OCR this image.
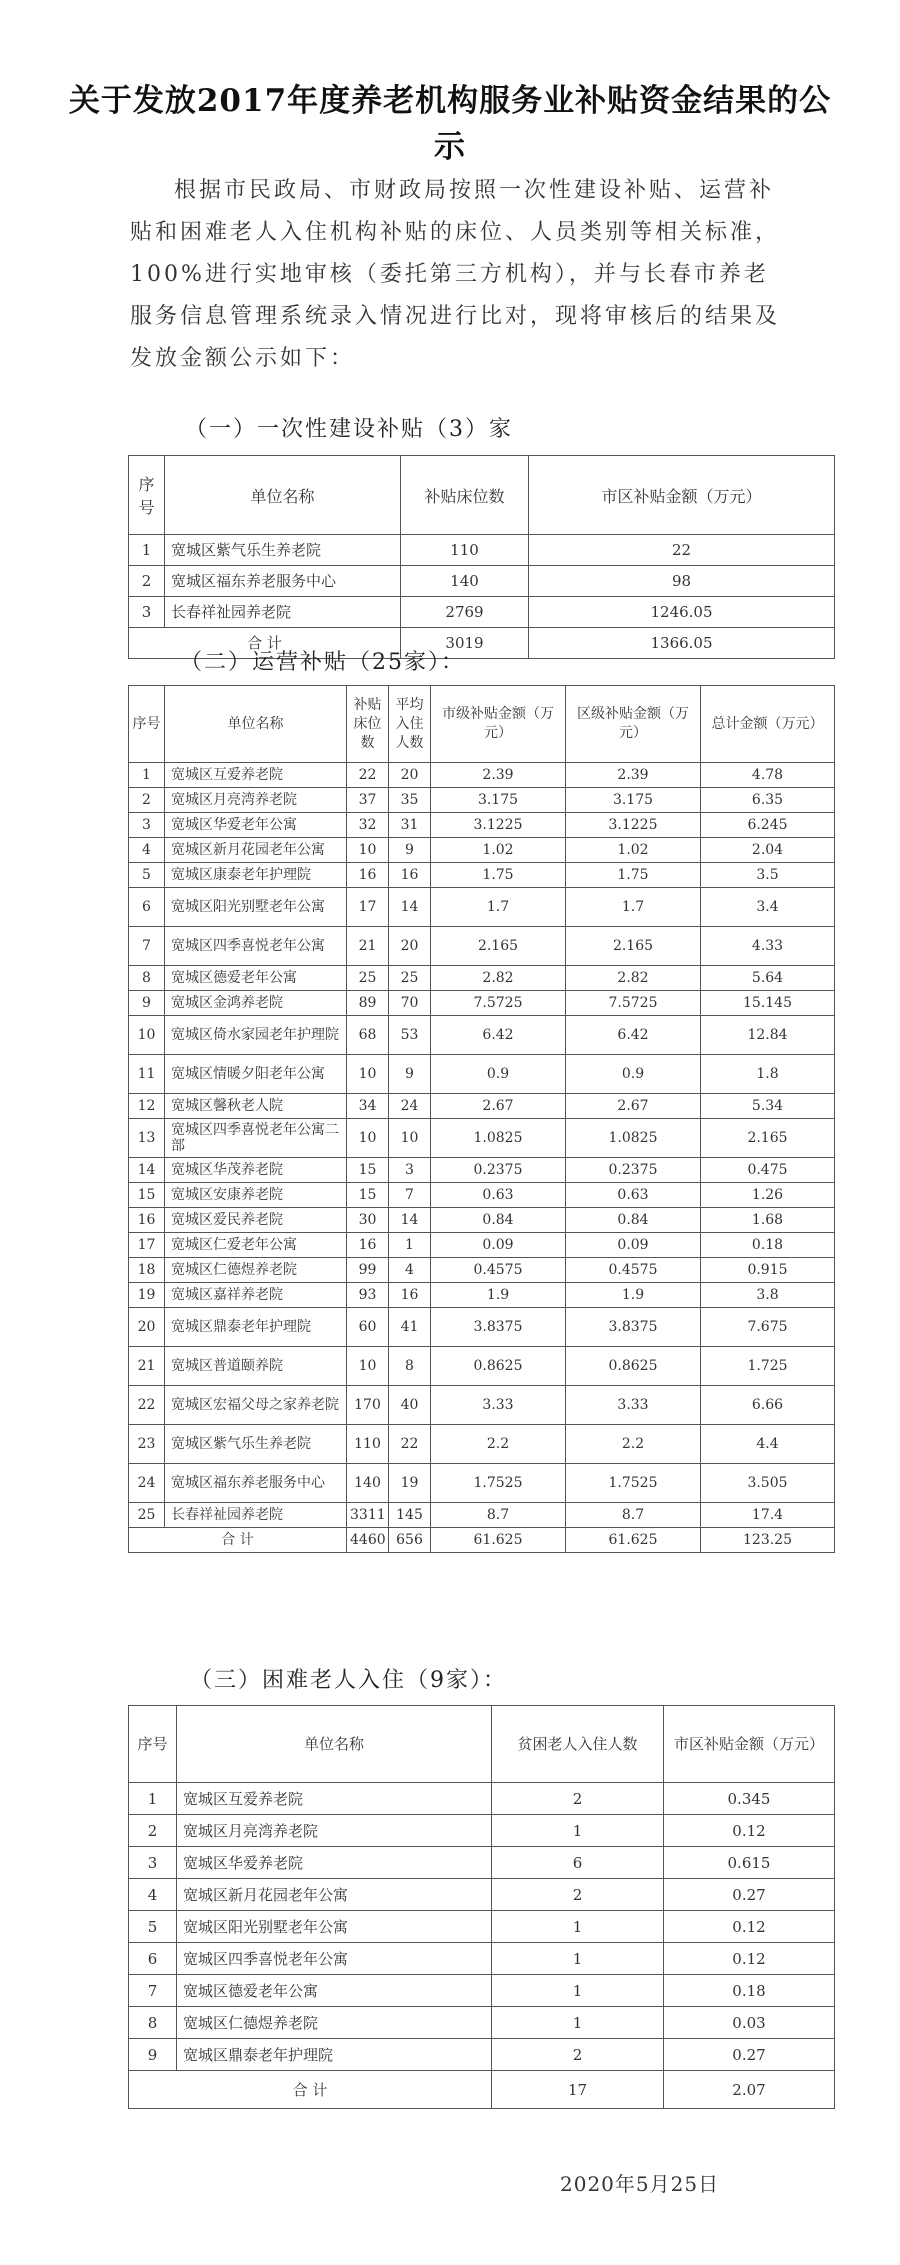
关于发放2017年度养老机构服务业补贴资金结果的公示
根据市民政局、市财政局按照一次性建设补贴、运营补贴和困难老人入住机构补贴的床位、人员类别等相关标准，100%进行实地审核（委托第三方机构），并与长春市养老服务信息管理系统录入情况进行比对，现将审核后的结果及发放金额公示如下：
（一）一次性建设补贴（3）家
序号	单位名称	补贴床位数	市区补贴金额（万元）
1	宽城区紫气乐生养老院	110	22
2	宽城区福东养老服务中心	140	98
3	长春祥祉园养老院	2769	1246.05
合 计		3019	1366.05
（二）运营补贴（25家）：
序号	单位名称	补贴床位数	平均入住人数	市级补贴金额（万元）	区级补贴金额（万元）	总计金额（万元）
1	宽城区互爱养老院	22	20	2.39	2.39	4.78
2	宽城区月亮湾养老院	37	35	3.175	3.175	6.35
3	宽城区华爱老年公寓	32	31	3.1225	3.1225	6.245
4	宽城区新月花园老年公寓	10	9	1.02	1.02	2.04
5	宽城区康泰老年护理院	16	16	1.75	1.75	3.5
6	宽城区阳光别墅老年公寓	17	14	1.7	1.7	3.4
7	宽城区四季喜悦老年公寓	21	20	2.165	2.165	4.33
8	宽城区德爱老年公寓	25	25	2.82	2.82	5.64
9	宽城区金鸿养老院	89	70	7.5725	7.5725	15.145
10	宽城区倚水家园老年护理院	68	53	6.42	6.42	12.84
11	宽城区情暖夕阳老年公寓	10	9	0.9	0.9	1.8
12	宽城区馨秋老人院	34	24	2.67	2.67	5.34
13	宽城区四季喜悦老年公寓二部	10	10	1.0825	1.0825	2.165
14	宽城区华茂养老院	15	3	0.2375	0.2375	0.475
15	宽城区安康养老院	15	7	0.63	0.63	1.26
16	宽城区爱民养老院	30	14	0.84	0.84	1.68
17	宽城区仁爱老年公寓	16	1	0.09	0.09	0.18
18	宽城区仁德煜养老院	99	4	0.4575	0.4575	0.915
19	宽城区嘉祥养老院	93	16	1.9	1.9	3.8
20	宽城区鼎泰老年护理院	60	41	3.8375	3.8375	7.675
21	宽城区普道颐养院	10	8	0.8625	0.8625	1.725
22	宽城区宏福父母之家养老院	170	40	3.33	3.33	6.66
23	宽城区紫气乐生养老院	110	22	2.2	2.2	4.4
24	宽城区福东养老服务中心	140	19	1.7525	1.7525	3.505
25	长春祥祉园养老院	3311	145	8.7	8.7	17.4
合 计		4460	656	61.625	61.625	123.25
（三）困难老人入住（9家）：
序号	单位名称	贫困老人入住人数	市区补贴金额（万元）
1	宽城区互爱养老院	2	0.345
2	宽城区月亮湾养老院	1	0.12
3	宽城区华爱养老院	6	0.615
4	宽城区新月花园老年公寓	2	0.27
5	宽城区阳光别墅老年公寓	1	0.12
6	宽城区四季喜悦老年公寓	1	0.12
7	宽城区德爱老年公寓	1	0.18
8	宽城区仁德煜养老院	1	0.03
9	宽城区鼎泰老年护理院	2	0.27
合 计		17	2.07
2020年5月25日
